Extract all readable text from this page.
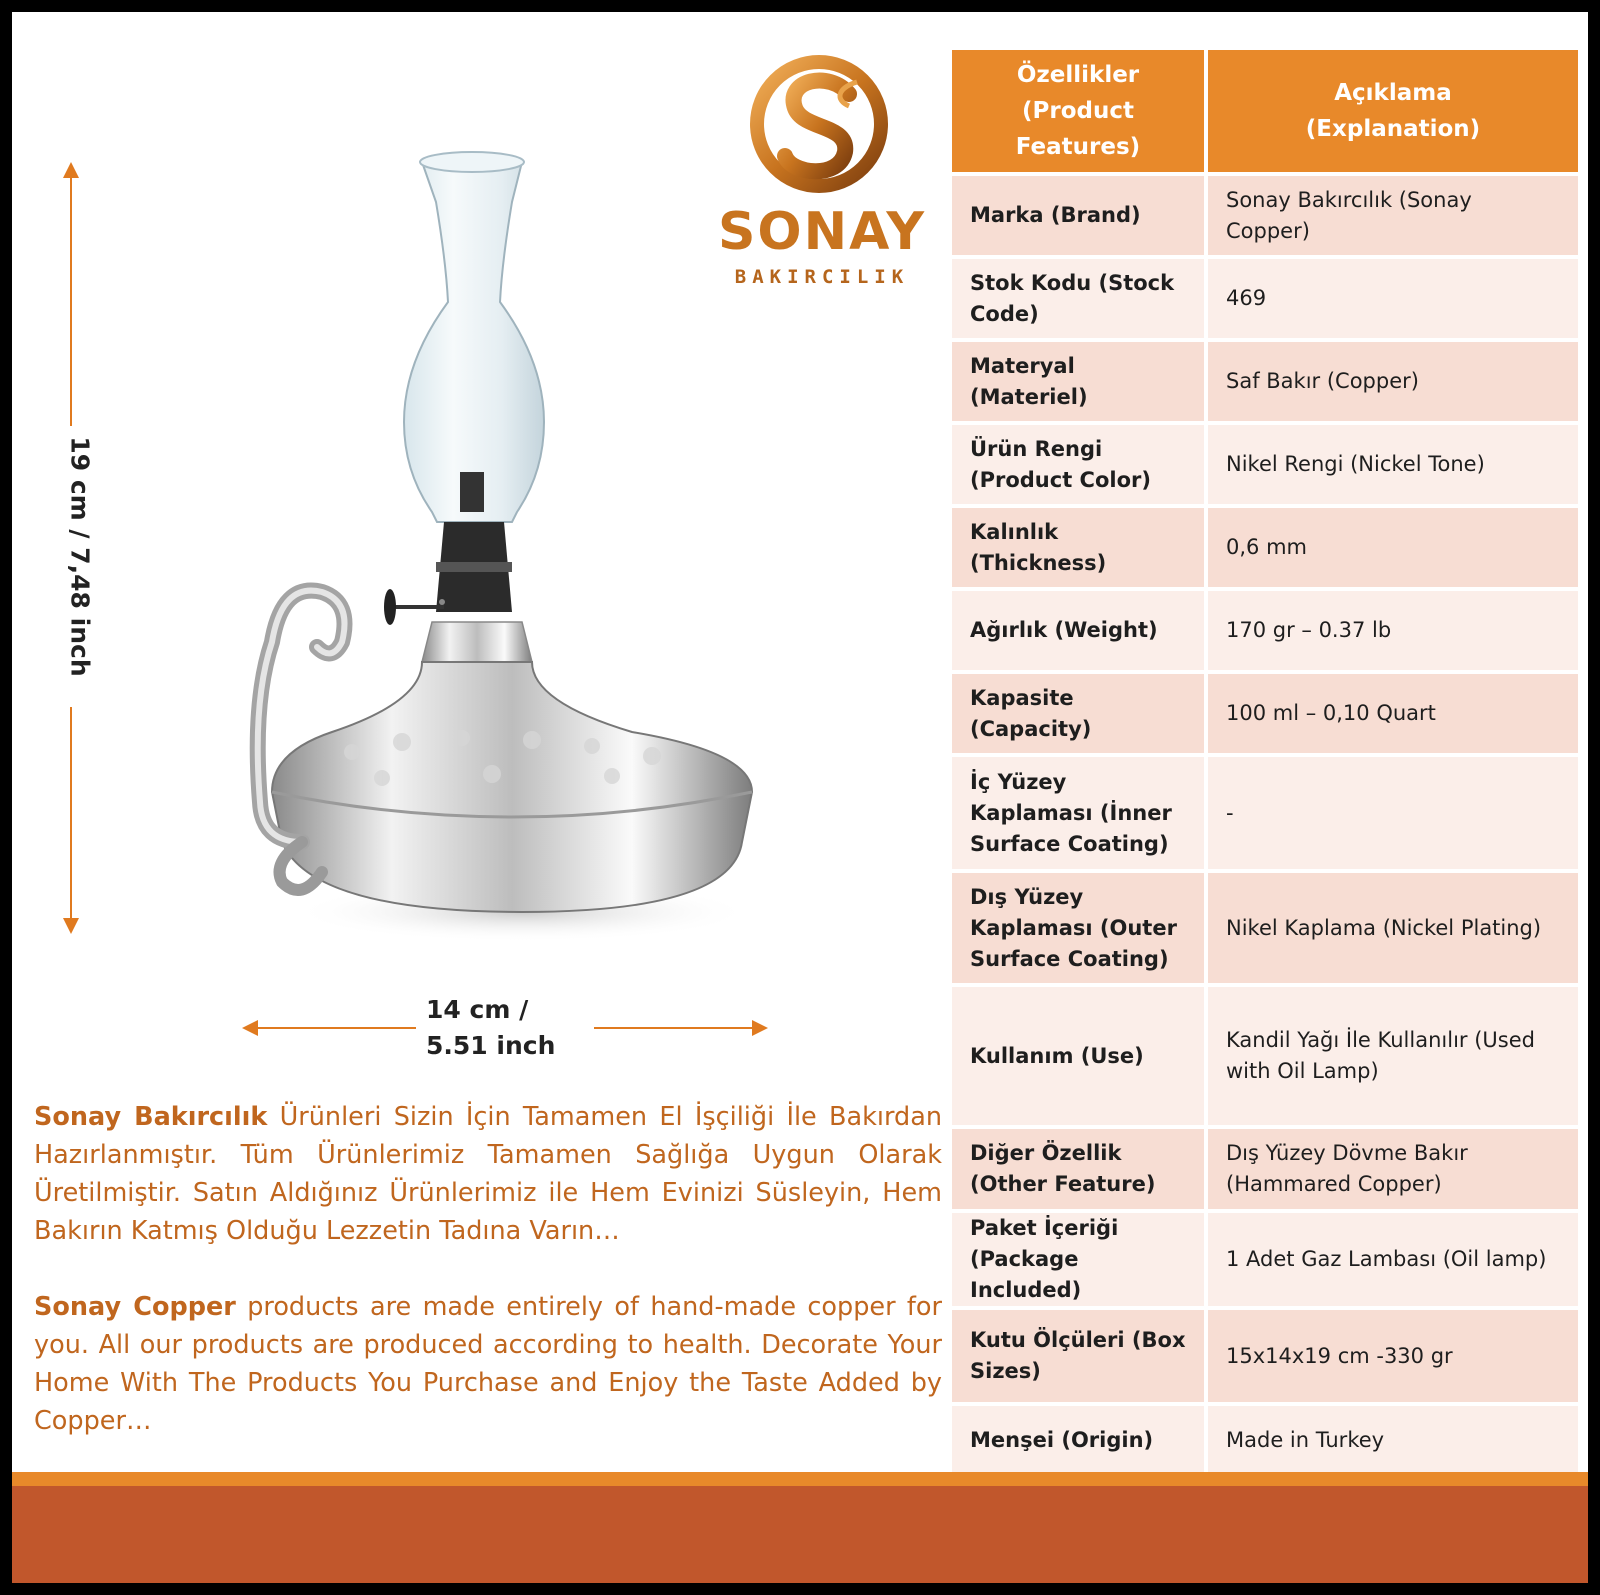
SONAY
BAKIRCILIK
19 cm / 7,48 inch
14 cm /
5.51 inch

Sonay Bakırcılık Ürünleri Sizin İçin Tamamen El İşçiliği İle Bakırdan Hazırlanmıştır. Tüm Ürünlerimiz Tamamen Sağlığa Uygun Olarak Üretilmiştir. Satın Aldığınız Ürünlerimiz ile Hem Evinizi Süsleyin, Hem Bakırın Katmış Olduğu Lezzetin Tadına Varın…

Sonay Copper products are made entirely of hand-made copper for you. All our products are produced according to health. Decorate Your Home With The Products You Purchase and Enjoy the Taste Added by Copper…

Özellikler (Product Features)	Açıklama (Explanation)
Marka (Brand)	Sonay Bakırcılık (Sonay Copper)
Stok Kodu (Stock Code)	469
Materyal (Materiel)	Saf Bakır (Copper)
Ürün Rengi (Product Color)	Nikel Rengi (Nickel Tone)
Kalınlık (Thickness)	0,6 mm
Ağırlık (Weight)	170 gr – 0.37 lb
Kapasite (Capacity)	100 ml – 0,10 Quart
İç Yüzey Kaplaması (İnner Surface Coating)	-
Dış Yüzey Kaplaması (Outer Surface Coating)	Nikel Kaplama (Nickel Plating)
Kullanım (Use)	Kandil Yağı İle Kullanılır (Used with Oil Lamp)
Diğer Özellik (Other Feature)	Dış Yüzey Dövme Bakır (Hammared Copper)
Paket İçeriği (Package Included)	1 Adet Gaz Lambası (Oil lamp)
Kutu Ölçüleri (Box Sizes)	15x14x19 cm -330 gr
Menşei (Origin)	Made in Turkey
